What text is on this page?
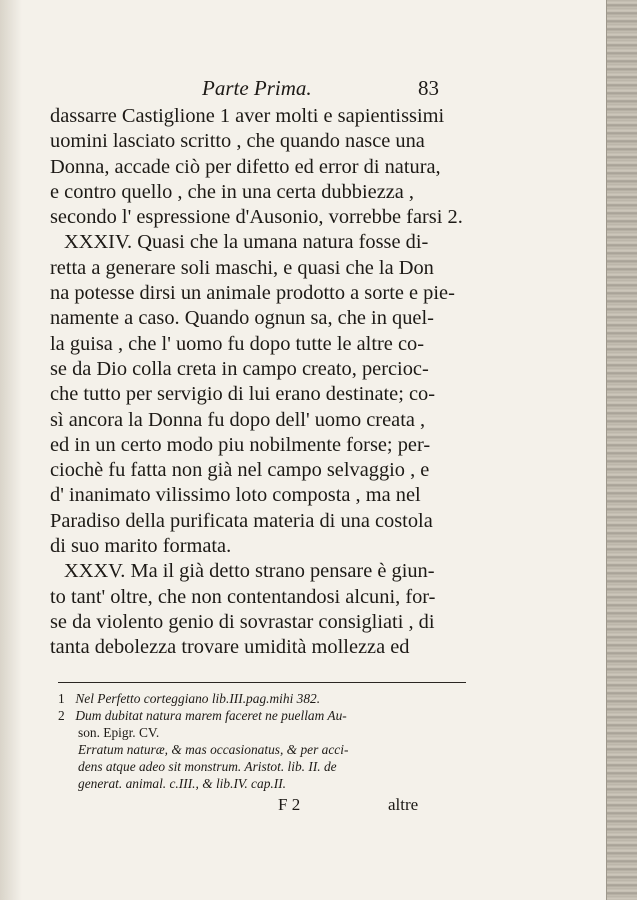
Parte Prima.	83
dassarre Castiglione 1 aver molti e sapientissimi
uomini lasciato scritto , che quando nasce una
Donna, accade ciò per difetto ed error di natura,
e contro quello , che in una certa dubbiezza ,
secondo l' espressione d'Ausonio, vorrebbe farsi 2.
XXXIV. Quasi che la umana natura fosse di-
retta a generare soli maschi, e quasi che la Don
na potesse dirsi un animale prodotto a sorte e pie-
namente a caso. Quando ognun sa, che in quel-
la guisa , che l' uomo fu dopo tutte le altre co-
se da Dio colla creta in campo creato, percioc-
che tutto per servigio di lui erano destinate; co-
sì ancora la Donna fu dopo dell' uomo creata ,
ed in un certo modo piu nobilmente forse; per-
ciochè fu fatta non già nel campo selvaggio , e
d' inanimato vilissimo loto composta , ma nel
Paradiso della purificata materia di una costola
di suo marito formata.
XXXV. Ma il già detto strano pensare è giun-
to tant' oltre, che non contentandosi alcuni, for-
se da violento genio di sovrastar consigliati , di
tanta debolezza trovare umidità mollezza ed
1 Nel Perfetto corteggiano lib.III.pag.mihi 382.
2 Dum dubitat natura marem faceret ne puellam Au-
son. Epigr. CV.
Erratum naturæ, & mas occasionatus, & per acci-
dens atque adeo sit monstrum. Aristot. lib. II. de
generat. animal. c.III., & lib.IV. cap.II.
F 2	altre
